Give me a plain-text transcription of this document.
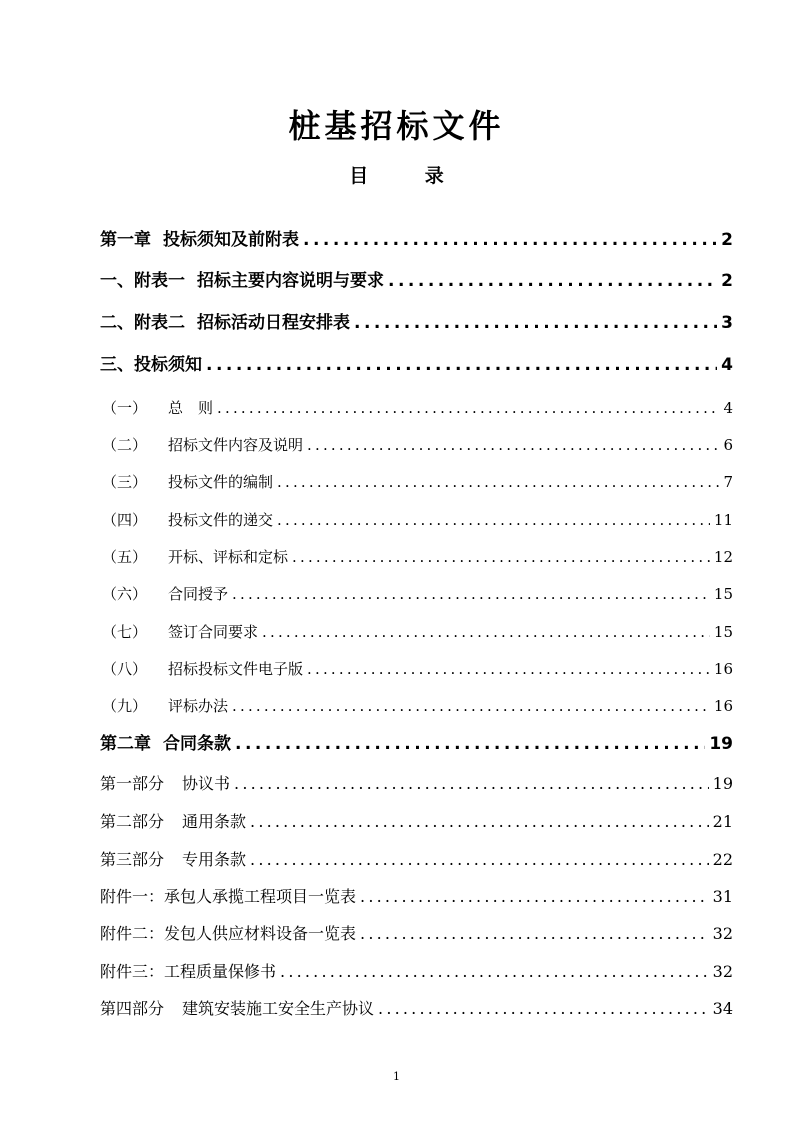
桩基招标文件
目 录
第一章 投标须知及前附表 .....	2
一、附表一 招标主要内容说明与要求 .....	2
二、附表二 招标活动日程安排表 .....	3
三、投标须知 .....	4
（一）	总　则 .....	4
（二）	招标文件内容及说明 .....	6
（三）	投标文件的编制 .....	7
（四）	投标文件的递交 .....	11
（五）	开标、评标和定标 .....	12
（六）	合同授予 .....	15
（七）	签订合同要求 .....	15
（八）	招标投标文件电子版 .....	16
（九）	评标办法 .....	16
第二章 合同条款 .....	19
第一部分 协议书 .....	19
第二部分 通用条款 .....	21
第三部分 专用条款 .....	22
附件一： 承包人承揽工程项目一览表 .....	31
附件二： 发包人供应材料设备一览表 .....	32
附件三： 工程质量保修书 .....	32
第四部分 建筑安装施工安全生产协议 .....	34
1
